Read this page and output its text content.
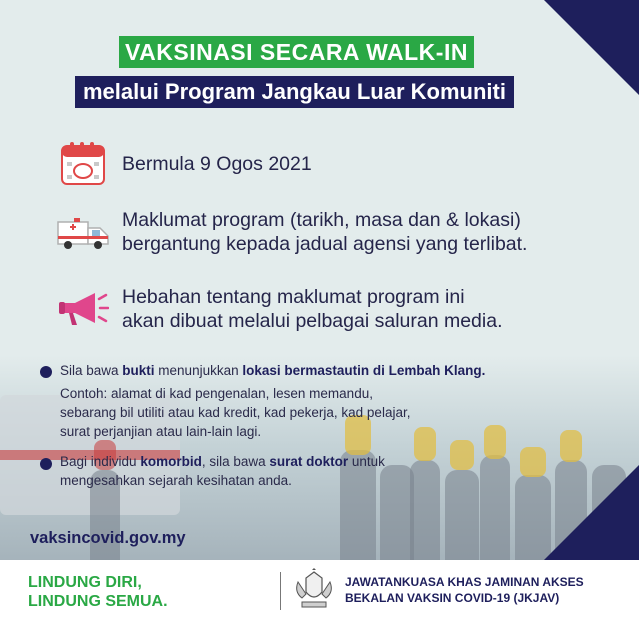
VAKSINASI SECARA WALK-IN
melalui Program Jangkau Luar Komuniti
Bermula 9 Ogos 2021
Maklumat program (tarikh, masa dan & lokasi)
bergantung kepada jadual agensi yang terlibat.
Hebahan tentang maklumat program ini
akan dibuat melalui pelbagai saluran media.
Sila bawa bukti menunjukkan lokasi bermastautin di Lembah Klang.
Contoh: alamat di kad pengenalan, lesen memandu,
sebarang bil utiliti atau kad kredit, kad pekerja, kad pelajar,
surat perjanjian atau lain-lain lagi.
Bagi individu komorbid, sila bawa surat doktor untuk
mengesahkan sejarah kesihatan anda.
vaksincovid.gov.my
LINDUNG DIRI,
LINDUNG SEMUA.
JAWATANKUASA KHAS JAMINAN AKSES
BEKALAN VAKSIN COVID-19 (JKJAV)
